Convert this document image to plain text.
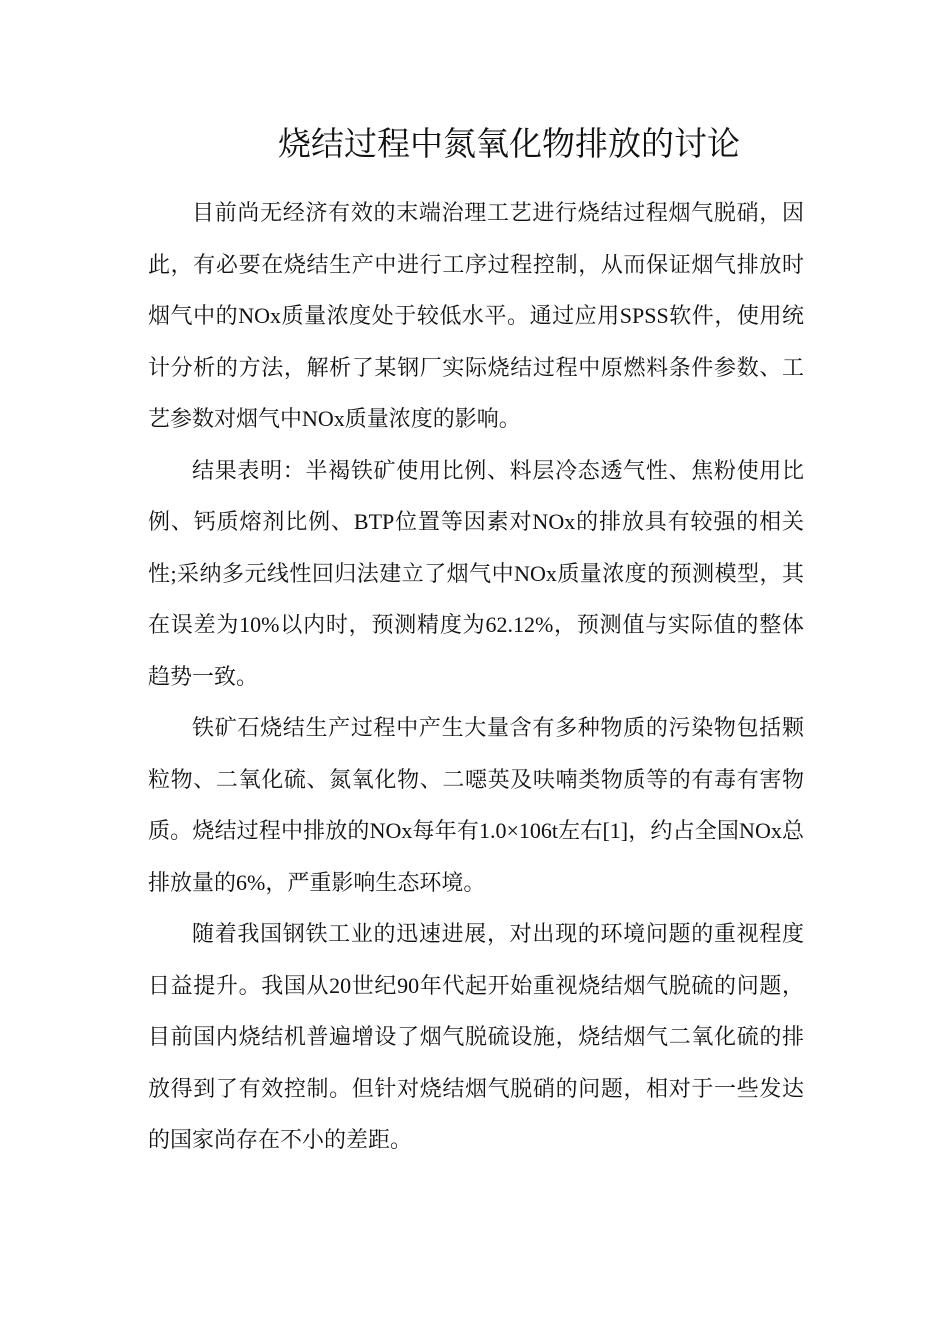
烧结过程中氮氧化物排放的讨论

目前尚无经济有效的末端治理工艺进行烧结过程烟气脱硝，因此，有必要在烧结生产中进行工序过程控制，从而保证烟气排放时烟气中的NOx质量浓度处于较低水平。通过应用SPSS软件，使用统计分析的方法，解析了某钢厂实际烧结过程中原燃料条件参数、工艺参数对烟气中NOx质量浓度的影响。

结果表明：半褐铁矿使用比例、料层冷态透气性、焦粉使用比例、钙质熔剂比例、BTP位置等因素对NOx的排放具有较强的相关性;采纳多元线性回归法建立了烟气中NOx质量浓度的预测模型，其在误差为10%以内时，预测精度为62.12%，预测值与实际值的整体趋势一致。

铁矿石烧结生产过程中产生大量含有多种物质的污染物包括颗粒物、二氧化硫、氮氧化物、二噁英及呋喃类物质等的有毒有害物质。烧结过程中排放的NOx每年有1.0×106t左右[1]，约占全国NOx总排放量的6%，严重影响生态环境。

随着我国钢铁工业的迅速进展，对出现的环境问题的重视程度日益提升。我国从20世纪90年代起开始重视烧结烟气脱硫的问题，目前国内烧结机普遍增设了烟气脱硫设施，烧结烟气二氧化硫的排放得到了有效控制。但针对烧结烟气脱硝的问题，相对于一些发达的国家尚存在不小的差距。
